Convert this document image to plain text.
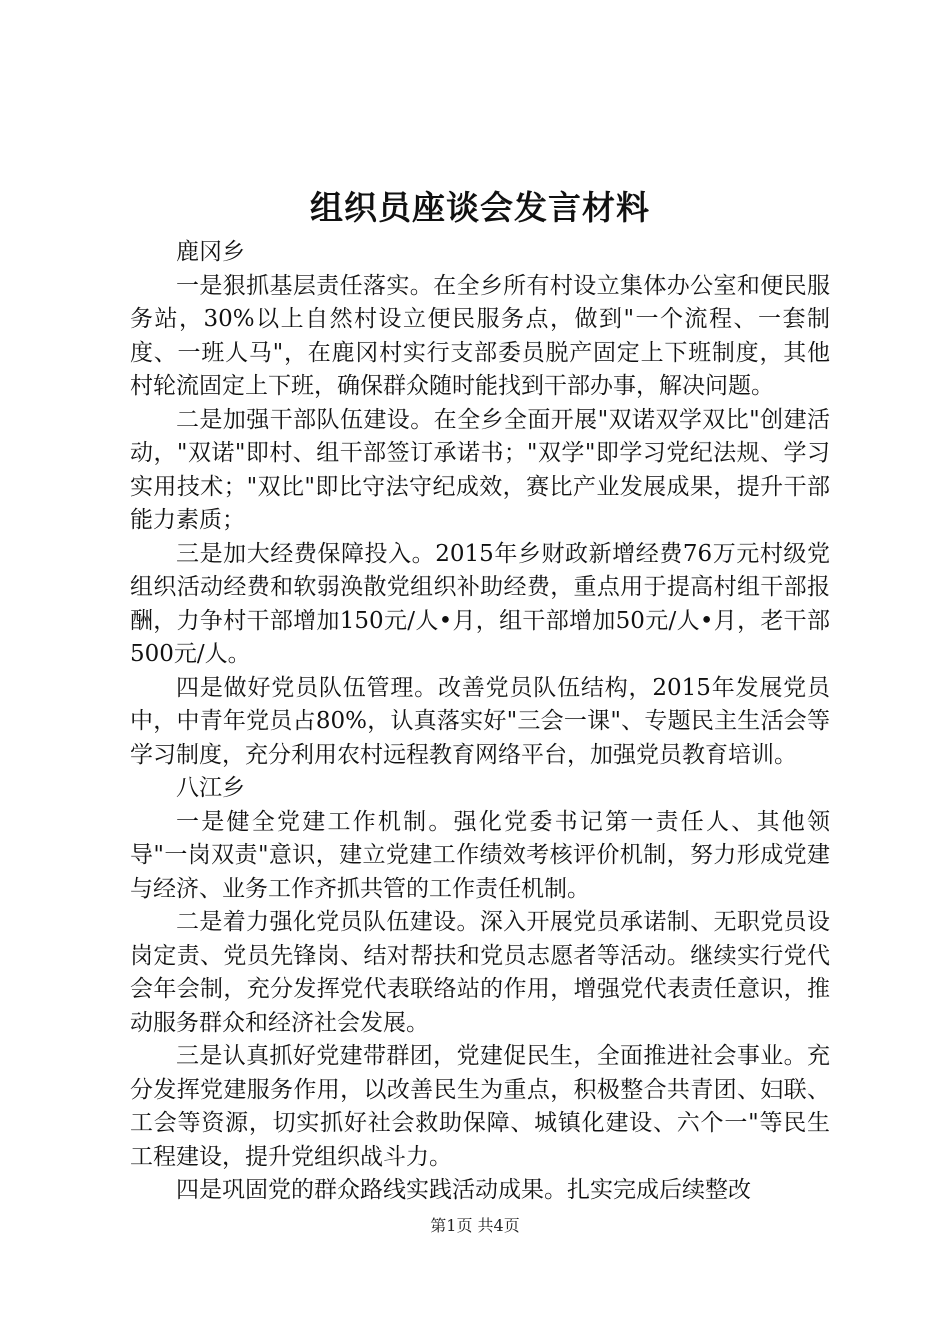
组织员座谈会发言材料

鹿冈乡

一是狠抓基层责任落实。在全乡所有村设立集体办公室和便民服务站，30%以上自然村设立便民服务点，做到"一个流程、一套制度、一班人马"，在鹿冈村实行支部委员脱产固定上下班制度，其他村轮流固定上下班，确保群众随时能找到干部办事，解决问题。

二是加强干部队伍建设。在全乡全面开展"双诺双学双比"创建活动，"双诺"即村、组干部签订承诺书；"双学"即学习党纪法规、学习实用技术；"双比"即比守法守纪成效，赛比产业发展成果，提升干部能力素质；

三是加大经费保障投入。2015年乡财政新增经费76万元村级党组织活动经费和软弱涣散党组织补助经费，重点用于提高村组干部报酬，力争村干部增加150元/人•月，组干部增加50元/人•月，老干部500元/人。

四是做好党员队伍管理。改善党员队伍结构，2015年发展党员中，中青年党员占80%，认真落实好"三会一课"、专题民主生活会等学习制度，充分利用农村远程教育网络平台，加强党员教育培训。

八江乡

一是健全党建工作机制。强化党委书记第一责任人、其他领导"一岗双责"意识，建立党建工作绩效考核评价机制，努力形成党建与经济、业务工作齐抓共管的工作责任机制。

二是着力强化党员队伍建设。深入开展党员承诺制、无职党员设岗定责、党员先锋岗、结对帮扶和党员志愿者等活动。继续实行党代会年会制，充分发挥党代表联络站的作用，增强党代表责任意识，推动服务群众和经济社会发展。

三是认真抓好党建带群团，党建促民生，全面推进社会事业。充分发挥党建服务作用，以改善民生为重点，积极整合共青团、妇联、工会等资源，切实抓好社会救助保障、城镇化建设、六个一"等民生工程建设，提升党组织战斗力。

四是巩固党的群众路线实践活动成果。扎实完成后续整改

第1页 共4页
